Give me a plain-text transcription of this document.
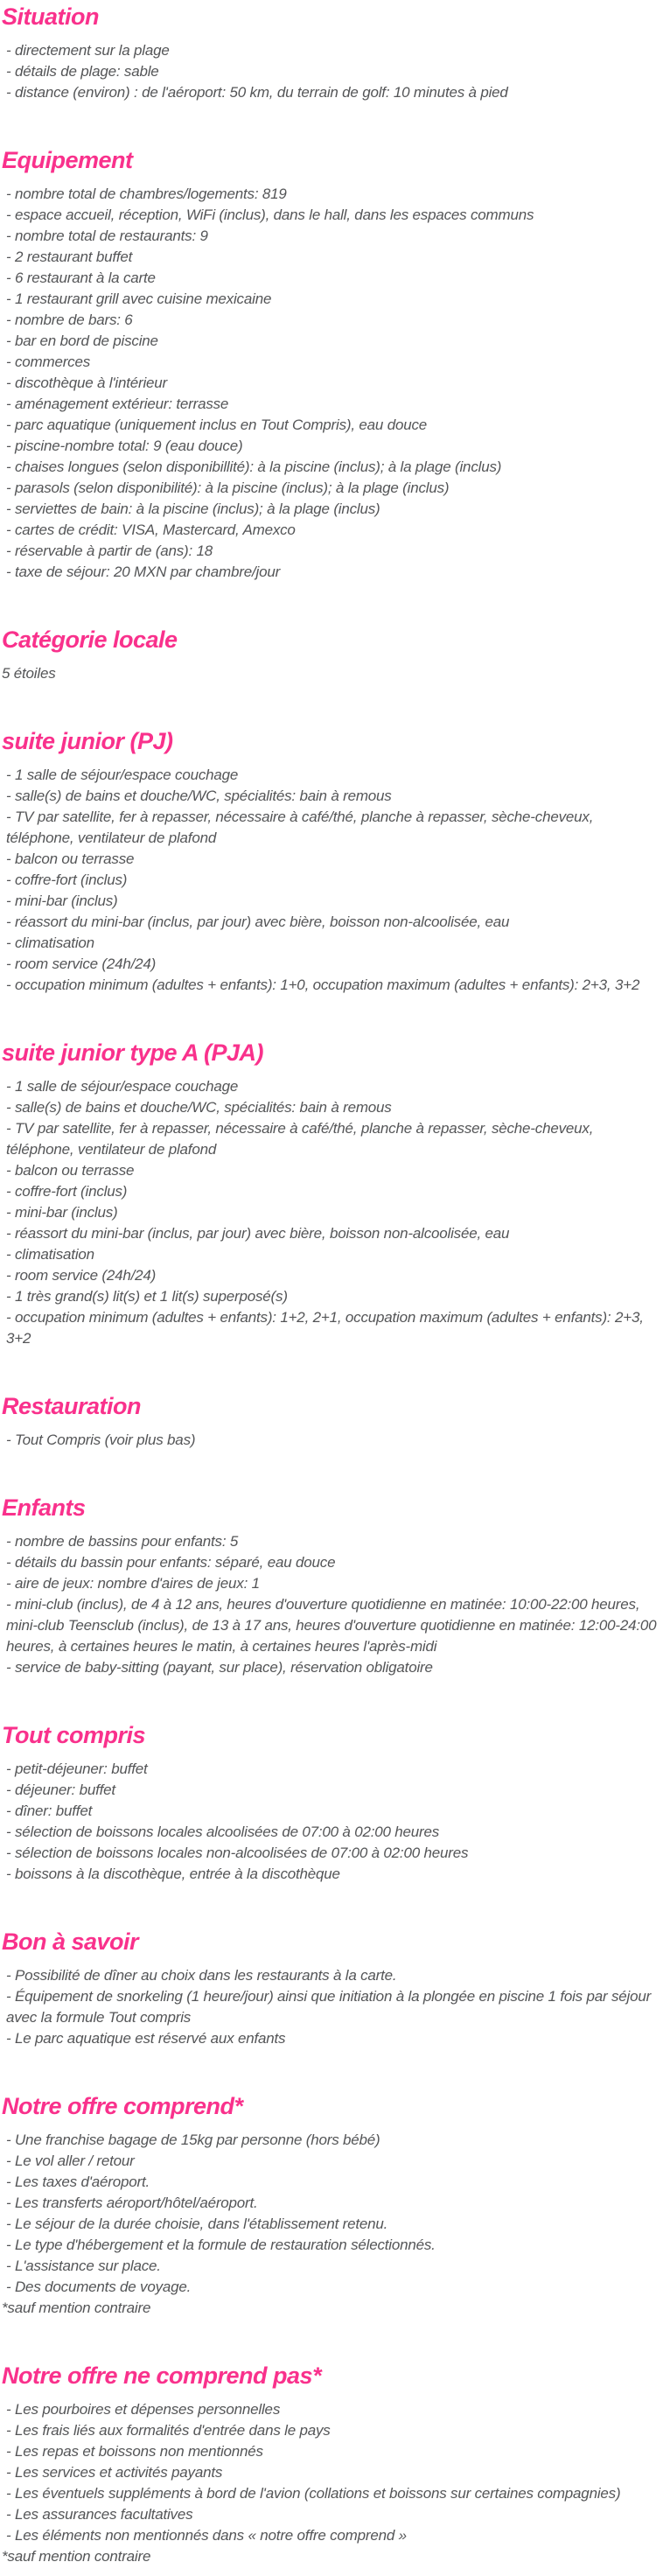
Situation

- directement sur la plage

- détails de plage: sable

- distance (environ) : de l'aéroport: 50 km, du terrain de golf: 10 minutes à pied

Equipement

- nombre total de chambres/logements: 819

- espace accueil, réception, WiFi (inclus), dans le hall, dans les espaces communs

- nombre total de restaurants: 9

- 2 restaurant buffet

- 6 restaurant à la carte

- 1 restaurant grill avec cuisine mexicaine

- nombre de bars: 6

- bar en bord de piscine

- commerces

- discothèque à l'intérieur

- aménagement extérieur: terrasse

- parc aquatique (uniquement inclus en Tout Compris), eau douce

- piscine-nombre total: 9 (eau douce)

- chaises longues (selon disponibillité): à la piscine (inclus); à la plage (inclus)

- parasols (selon disponibilité): à la piscine (inclus); à la plage (inclus)

- serviettes de bain: à la piscine (inclus); à la plage (inclus)

- cartes de crédit: VISA, Mastercard, Amexco

- réservable à partir de (ans): 18

- taxe de séjour: 20 MXN par chambre/jour

Catégorie locale

5 étoiles

suite junior (PJ)

- 1 salle de séjour/espace couchage

- salle(s) de bains et douche/WC, spécialités: bain à remous

- TV par satellite, fer à repasser, nécessaire à café/thé, planche à repasser, sèche-cheveux, téléphone, ventilateur de plafond

- balcon ou terrasse

- coffre-fort (inclus)

- mini-bar (inclus)

- réassort du mini-bar (inclus, par jour) avec bière, boisson non-alcoolisée, eau

- climatisation

- room service (24h/24)

- occupation minimum (adultes + enfants): 1+0, occupation maximum (adultes + enfants): 2+3, 3+2

suite junior type A (PJA)

- 1 salle de séjour/espace couchage

- salle(s) de bains et douche/WC, spécialités: bain à remous

- TV par satellite, fer à repasser, nécessaire à café/thé, planche à repasser, sèche-cheveux, téléphone, ventilateur de plafond

- balcon ou terrasse

- coffre-fort (inclus)

- mini-bar (inclus)

- réassort du mini-bar (inclus, par jour) avec bière, boisson non-alcoolisée, eau

- climatisation

- room service (24h/24)

- 1 très grand(s) lit(s) et 1 lit(s) superposé(s)

- occupation minimum (adultes + enfants): 1+2, 2+1, occupation maximum (adultes + enfants): 2+3, 3+2

Restauration

- Tout Compris (voir plus bas)

Enfants

- nombre de bassins pour enfants: 5

- détails du bassin pour enfants: séparé, eau douce

- aire de jeux: nombre d'aires de jeux: 1

- mini-club (inclus), de 4 à 12 ans, heures d'ouverture quotidienne en matinée: 10:00-22:00 heures, mini-club Teensclub (inclus), de 13 à 17 ans, heures d'ouverture quotidienne en matinée: 12:00-24:00 heures, à certaines heures le matin, à certaines heures l'après-midi

- service de baby-sitting (payant, sur place), réservation obligatoire

Tout compris

- petit-déjeuner: buffet

- déjeuner: buffet

- dîner: buffet

- sélection de boissons locales alcoolisées de 07:00 à 02:00 heures

- sélection de boissons locales non-alcoolisées de 07:00 à 02:00 heures

- boissons à la discothèque, entrée à la discothèque

Bon à savoir

- Possibilité de dîner au choix dans les restaurants à la carte.

- Équipement de snorkeling (1 heure/jour) ainsi que initiation à la plongée en piscine 1 fois par séjour avec la formule Tout compris

- Le parc aquatique est réservé aux enfants

Notre offre comprend*

- Une franchise bagage de 15kg par personne (hors bébé)

- Le vol aller / retour

- Les taxes d'aéroport.

- Les transferts aéroport/hôtel/aéroport.

- Le séjour de la durée choisie, dans l'établissement retenu.

- Le type d'hébergement et la formule de restauration sélectionnés.

- L'assistance sur place.

- Des documents de voyage.

*sauf mention contraire

Notre offre ne comprend pas*

- Les pourboires et dépenses personnelles

- Les frais liés aux formalités d'entrée dans le pays

- Les repas et boissons non mentionnés

- Les services et activités payants

- Les éventuels suppléments à bord de l'avion (collations et boissons sur certaines compagnies)

- Les assurances facultatives

- Les éléments non mentionnés dans « notre offre comprend »

*sauf mention contraire
